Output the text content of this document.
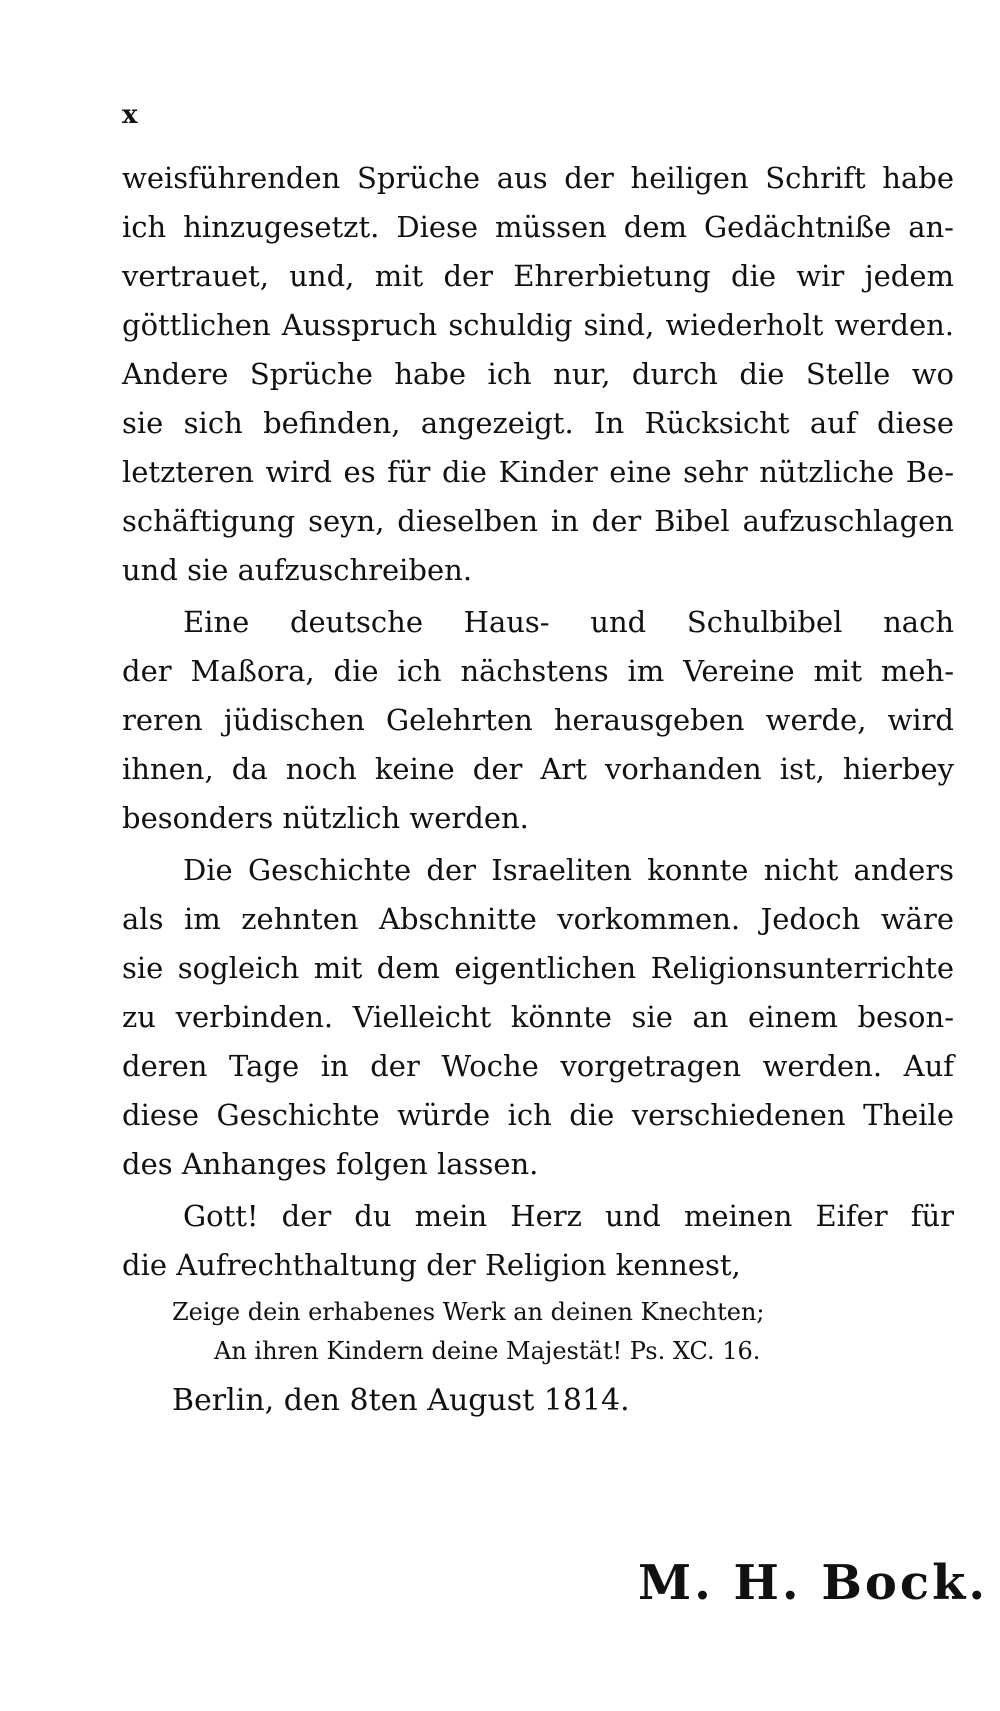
x
weisführenden Sprüche aus der heiligen Schrift habe
ich hinzugesetzt. Diese müssen dem Gedächtniße an-
vertrauet, und, mit der Ehrerbietung die wir jedem
göttlichen Ausspruch schuldig sind, wiederholt werden.
Andere Sprüche habe ich nur, durch die Stelle wo
sie sich befinden, angezeigt. In Rücksicht auf diese
letzteren wird es für die Kinder eine sehr nützliche Be-
schäftigung seyn, dieselben in der Bibel aufzuschlagen
und sie aufzuschreiben.
Eine deutsche Haus- und Schulbibel nach
der Maßora, die ich nächstens im Vereine mit meh-
reren jüdischen Gelehrten herausgeben werde, wird
ihnen, da noch keine der Art vorhanden ist, hierbey
besonders nützlich werden.
Die Geschichte der Israeliten konnte nicht anders
als im zehnten Abschnitte vorkommen. Jedoch wäre
sie sogleich mit dem eigentlichen Religionsunterrichte
zu verbinden. Vielleicht könnte sie an einem beson-
deren Tage in der Woche vorgetragen werden. Auf
diese Geschichte würde ich die verschiedenen Theile
des Anhanges folgen lassen.
Gott! der du mein Herz und meinen Eifer für
die Aufrechthaltung der Religion kennest,
Zeige dein erhabenes Werk an deinen Knechten;
An ihren Kindern deine Majestät! Ps. XC. 16.
Berlin, den 8ten August 1814.
M. H. Bock.
